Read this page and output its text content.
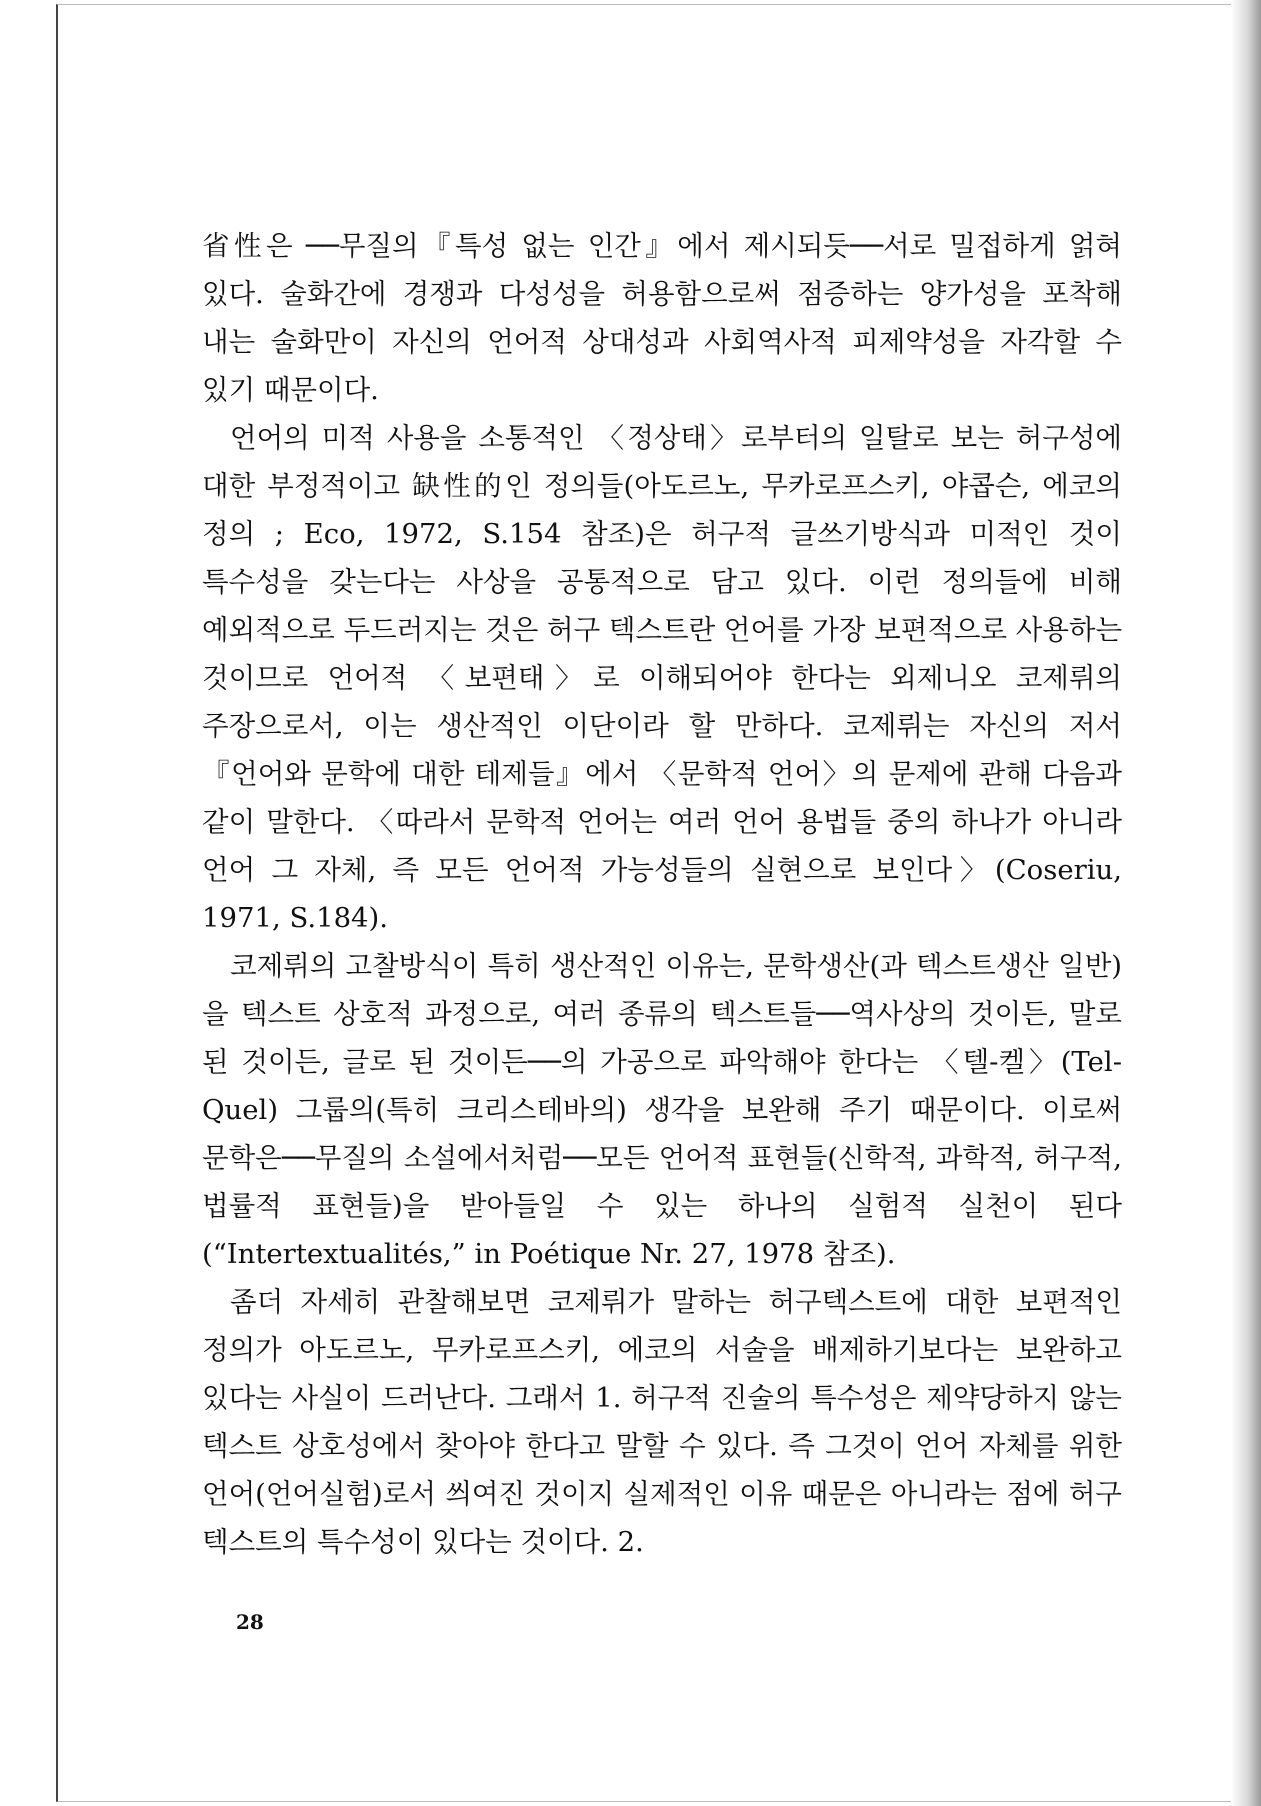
省性은 ──무질의『특성 없는 인간』에서 제시되듯──서로 밀접하게 얽혀 있다. 술화간에 경쟁과 다성성을 허용함으로써 점증하는 양가성을 포착해 내는 술화만이 자신의 언어적 상대성과 사회역사적 피제약성을 자각할 수 있기 때문이다.

언어의 미적 사용을 소통적인 〈정상태〉로부터의 일탈로 보는 허구성에 대한 부정적이고 缺性的인 정의들(아도르노, 무카로프스키, 야콥슨, 에코의 정의 ; Eco, 1972, S.154 참조)은 허구적 글쓰기방식과 미적인 것이 특수성을 갖는다는 사상을 공통적으로 담고 있다. 이런 정의들에 비해 예외적으로 두드러지는 것은 허구 텍스트란 언어를 가장 보편적으로 사용하는 것이므로 언어적 〈보편태〉로 이해되어야 한다는 외제니오 코제뤼의 주장으로서, 이는 생산적인 이단이라 할 만하다. 코제뤼는 자신의 저서『언어와 문학에 대한 테제들』에서 〈문학적 언어〉의 문제에 관해 다음과 같이 말한다. 〈따라서 문학적 언어는 여러 언어 용법들 중의 하나가 아니라 언어 그 자체, 즉 모든 언어적 가능성들의 실현으로 보인다〉(Coseriu, 1971, S.184).

코제뤼의 고찰방식이 특히 생산적인 이유는, 문학생산(과 텍스트생산 일반)을 텍스트 상호적 과정으로, 여러 종류의 텍스트들──역사상의 것이든, 말로 된 것이든, 글로 된 것이든──의 가공으로 파악해야 한다는 〈텔-켈〉(Tel-Quel) 그룹의(특히 크리스테바의) 생각을 보완해 주기 때문이다. 이로써 문학은──무질의 소설에서처럼──모든 언어적 표현들(신학적, 과학적, 허구적, 법률적 표현들)을 받아들일 수 있는 하나의 실험적 실천이 된다(“Intertextualités,” in Poétique Nr. 27, 1978 참조).

좀더 자세히 관찰해보면 코제뤼가 말하는 허구텍스트에 대한 보편적인 정의가 아도르노, 무카로프스키, 에코의 서술을 배제하기보다는 보완하고 있다는 사실이 드러난다. 그래서 1. 허구적 진술의 특수성은 제약당하지 않는 텍스트 상호성에서 찾아야 한다고 말할 수 있다. 즉 그것이 언어 자체를 위한 언어(언어실험)로서 씌여진 것이지 실제적인 이유 때문은 아니라는 점에 허구 텍스트의 특수성이 있다는 것이다. 2.

28
